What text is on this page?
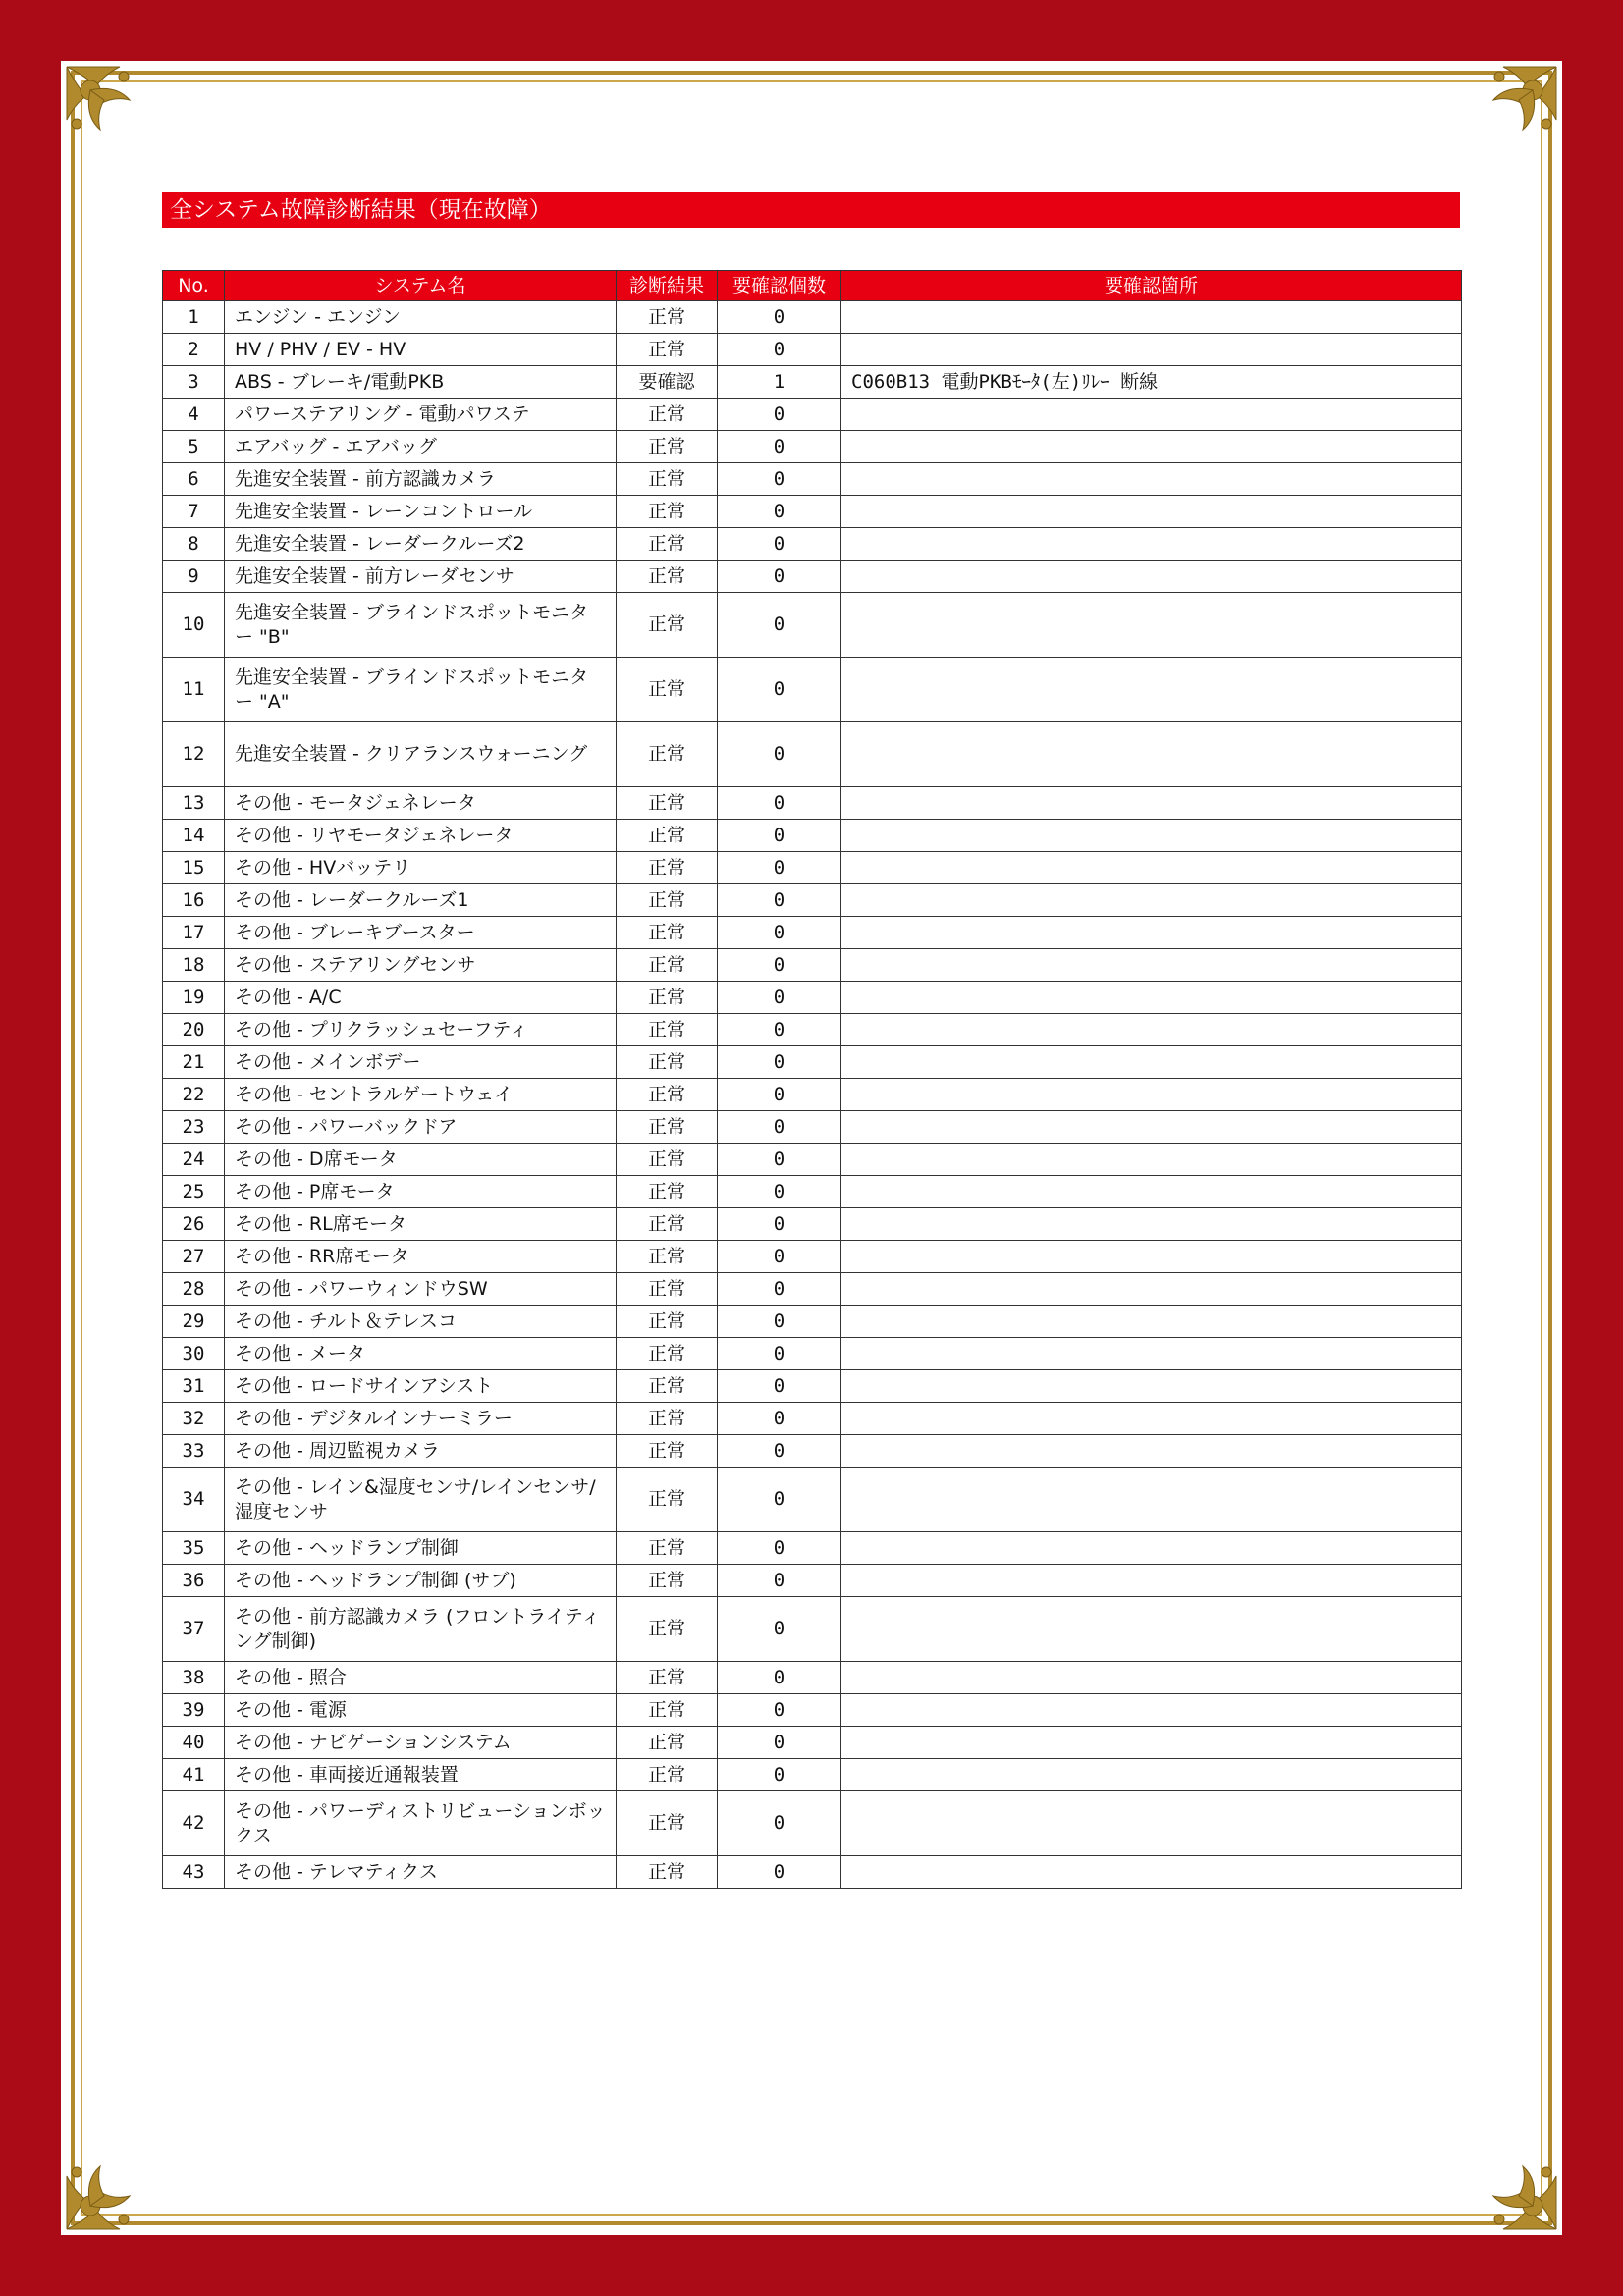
全システム故障診断結果（現在故障）
No.	システム名	診断結果	要確認個数	要確認箇所
1	エンジン - エンジン	正常	0	
2	HV / PHV / EV - HV	正常	0	
3	ABS - ブレーキ/電動PKB	要確認	1	C060B13 電動PKBﾓｰﾀ(左)ﾘﾚｰ 断線
4	パワーステアリング - 電動パワステ	正常	0	
5	エアバッグ - エアバッグ	正常	0	
6	先進安全装置 - 前方認識カメラ	正常	0	
7	先進安全装置 - レーンコントロール	正常	0	
8	先進安全装置 - レーダークルーズ2	正常	0	
9	先進安全装置 - 前方レーダセンサ	正常	0	
10	先進安全装置 - ブラインドスポットモニター "B"	正常	0	
11	先進安全装置 - ブラインドスポットモニター "A"	正常	0	
12	先進安全装置 - クリアランスウォーニング	正常	0	
13	その他 - モータジェネレータ	正常	0	
14	その他 - リヤモータジェネレータ	正常	0	
15	その他 - HVバッテリ	正常	0	
16	その他 - レーダークルーズ1	正常	0	
17	その他 - ブレーキブースター	正常	0	
18	その他 - ステアリングセンサ	正常	0	
19	その他 - A/C	正常	0	
20	その他 - プリクラッシュセーフティ	正常	0	
21	その他 - メインボデー	正常	0	
22	その他 - セントラルゲートウェイ	正常	0	
23	その他 - パワーバックドア	正常	0	
24	その他 - D席モータ	正常	0	
25	その他 - P席モータ	正常	0	
26	その他 - RL席モータ	正常	0	
27	その他 - RR席モータ	正常	0	
28	その他 - パワーウィンドウSW	正常	0	
29	その他 - チルト＆テレスコ	正常	0	
30	その他 - メータ	正常	0	
31	その他 - ロードサインアシスト	正常	0	
32	その他 - デジタルインナーミラー	正常	0	
33	その他 - 周辺監視カメラ	正常	0	
34	その他 - レイン&湿度センサ/レインセンサ/湿度センサ	正常	0	
35	その他 - ヘッドランプ制御	正常	0	
36	その他 - ヘッドランプ制御 (サブ)	正常	0	
37	その他 - 前方認識カメラ (フロントライティング制御)	正常	0	
38	その他 - 照合	正常	0	
39	その他 - 電源	正常	0	
40	その他 - ナビゲーションシステム	正常	0	
41	その他 - 車両接近通報装置	正常	0	
42	その他 - パワーディストリビューションボックス	正常	0	
43	その他 - テレマティクス	正常	0	
